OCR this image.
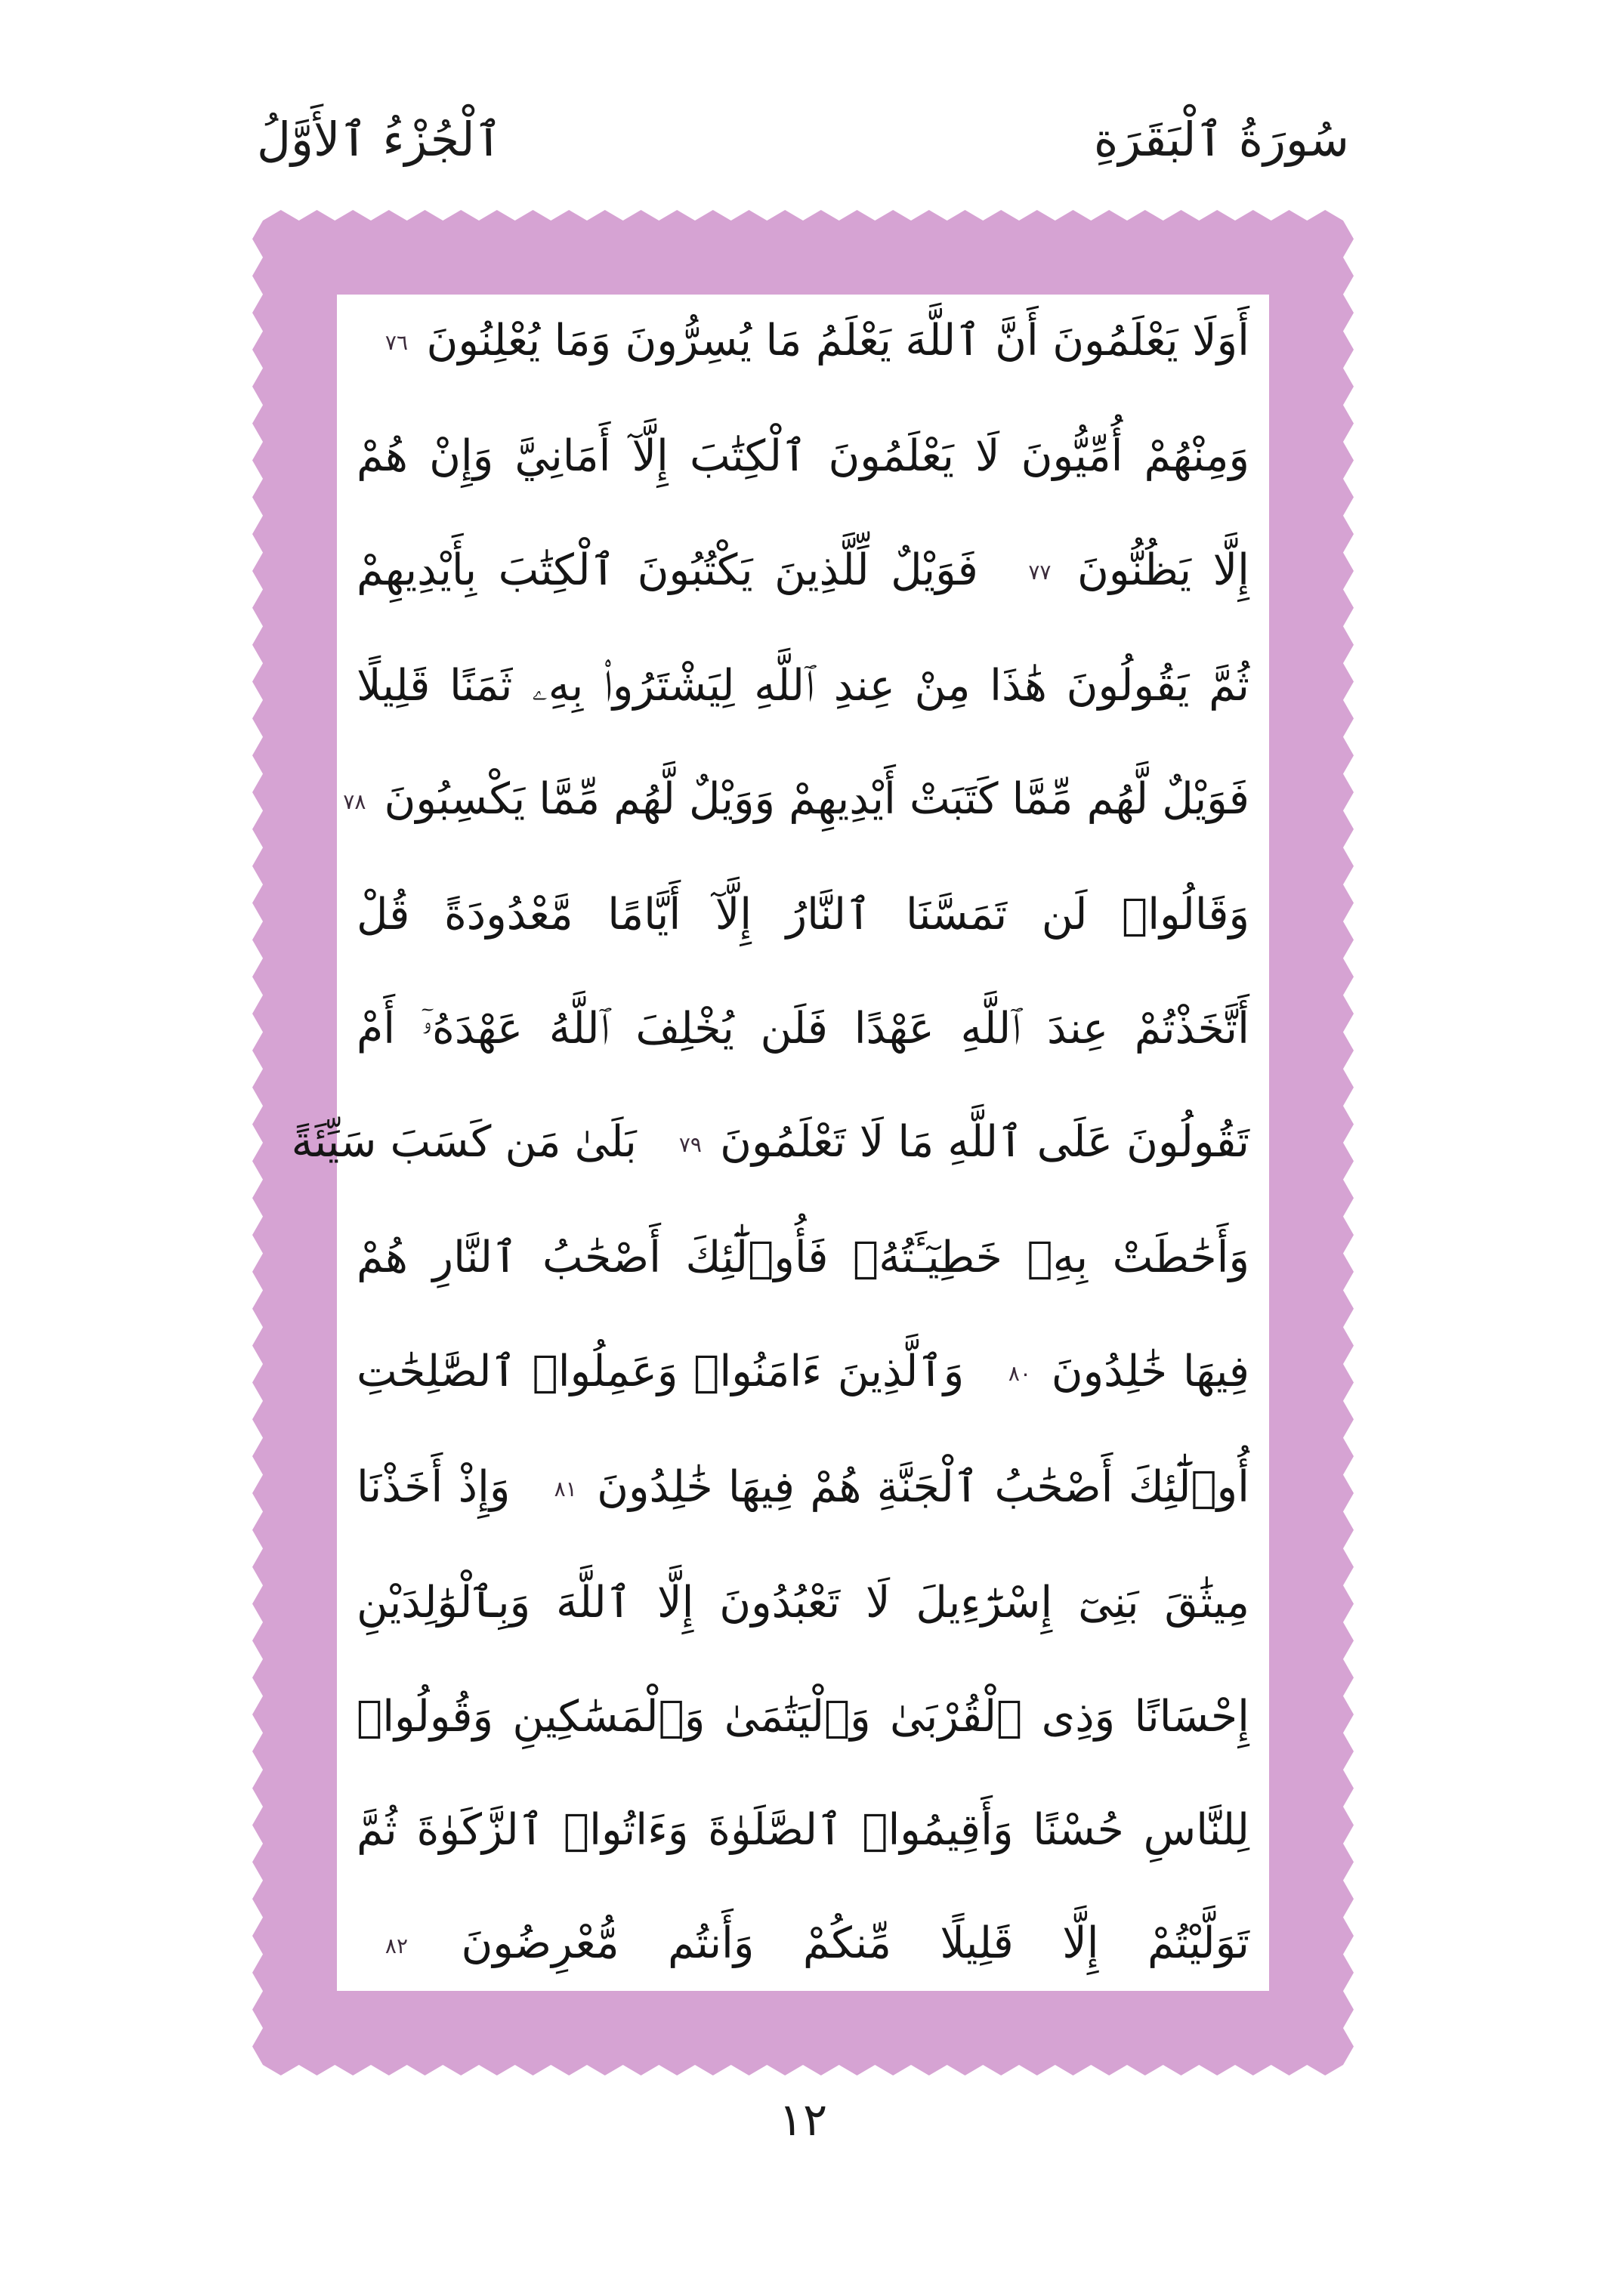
سُورَةُ ٱلْبَقَرَةِ
ٱلْجُزْءُ ٱلأَوَّلُ
أَوَلَا يَعْلَمُونَ أَنَّ ٱللَّهَ يَعْلَمُ مَا يُسِرُّونَ وَمَا يُعْلِنُونَ ٧٦
وَمِنْهُمْ أُمِّيُّونَ لَا يَعْلَمُونَ ٱلْكِتَٰبَ إِلَّآ أَمَانِيَّ وَإِنْ هُمْ
إِلَّا يَظُنُّونَ ٧٧ فَوَيْلٌ لِّلَّذِينَ يَكْتُبُونَ ٱلْكِتَٰبَ بِأَيْدِيهِمْ
ثُمَّ يَقُولُونَ هَٰذَا مِنْ عِندِ ٱللَّهِ لِيَشْتَرُوا۟ بِهِۦ ثَمَنًا قَلِيلًا
فَوَيْلٌ لَّهُم مِّمَّا كَتَبَتْ أَيْدِيهِمْ وَوَيْلٌ لَّهُم مِّمَّا يَكْسِبُونَ ٧٨
وَقَالُوا۟ لَن تَمَسَّنَا ٱلنَّارُ إِلَّآ أَيَّامًا مَّعْدُودَةً قُلْ
أَتَّخَذْتُمْ عِندَ ٱللَّهِ عَهْدًا فَلَن يُخْلِفَ ٱللَّهُ عَهْدَهُۥٓ أَمْ
تَقُولُونَ عَلَى ٱللَّهِ مَا لَا تَعْلَمُونَ ٧٩ بَلَىٰ مَن كَسَبَ سَيِّئَةً
وَأَحَٰطَتْ بِهِۦ خَطِيٓـَٔتُهُۥ فَأُو۟لَٰٓئِكَ أَصْحَٰبُ ٱلنَّارِ هُمْ
فِيهَا خَٰلِدُونَ ٨٠ وَٱلَّذِينَ ءَامَنُوا۟ وَعَمِلُوا۟ ٱلصَّٰلِحَٰتِ
أُو۟لَٰٓئِكَ أَصْحَٰبُ ٱلْجَنَّةِ هُمْ فِيهَا خَٰلِدُونَ ٨١ وَإِذْ أَخَذْنَا
مِيثَٰقَ بَنِىٓ إِسْرَٰٓءِيلَ لَا تَعْبُدُونَ إِلَّا ٱللَّهَ وَبِٱلْوَٰلِدَيْنِ
إِحْسَانًا وَذِى ٱلْقُرْبَىٰ وَٱلْيَتَٰمَىٰ وَٱلْمَسَٰكِينِ وَقُولُوا۟
لِلنَّاسِ حُسْنًا وَأَقِيمُوا۟ ٱلصَّلَوٰةَ وَءَاتُوا۟ ٱلزَّكَوٰةَ ثُمَّ
تَوَلَّيْتُمْ إِلَّا قَلِيلًا مِّنكُمْ وَأَنتُم مُّعْرِضُونَ ٨٢
١٢
